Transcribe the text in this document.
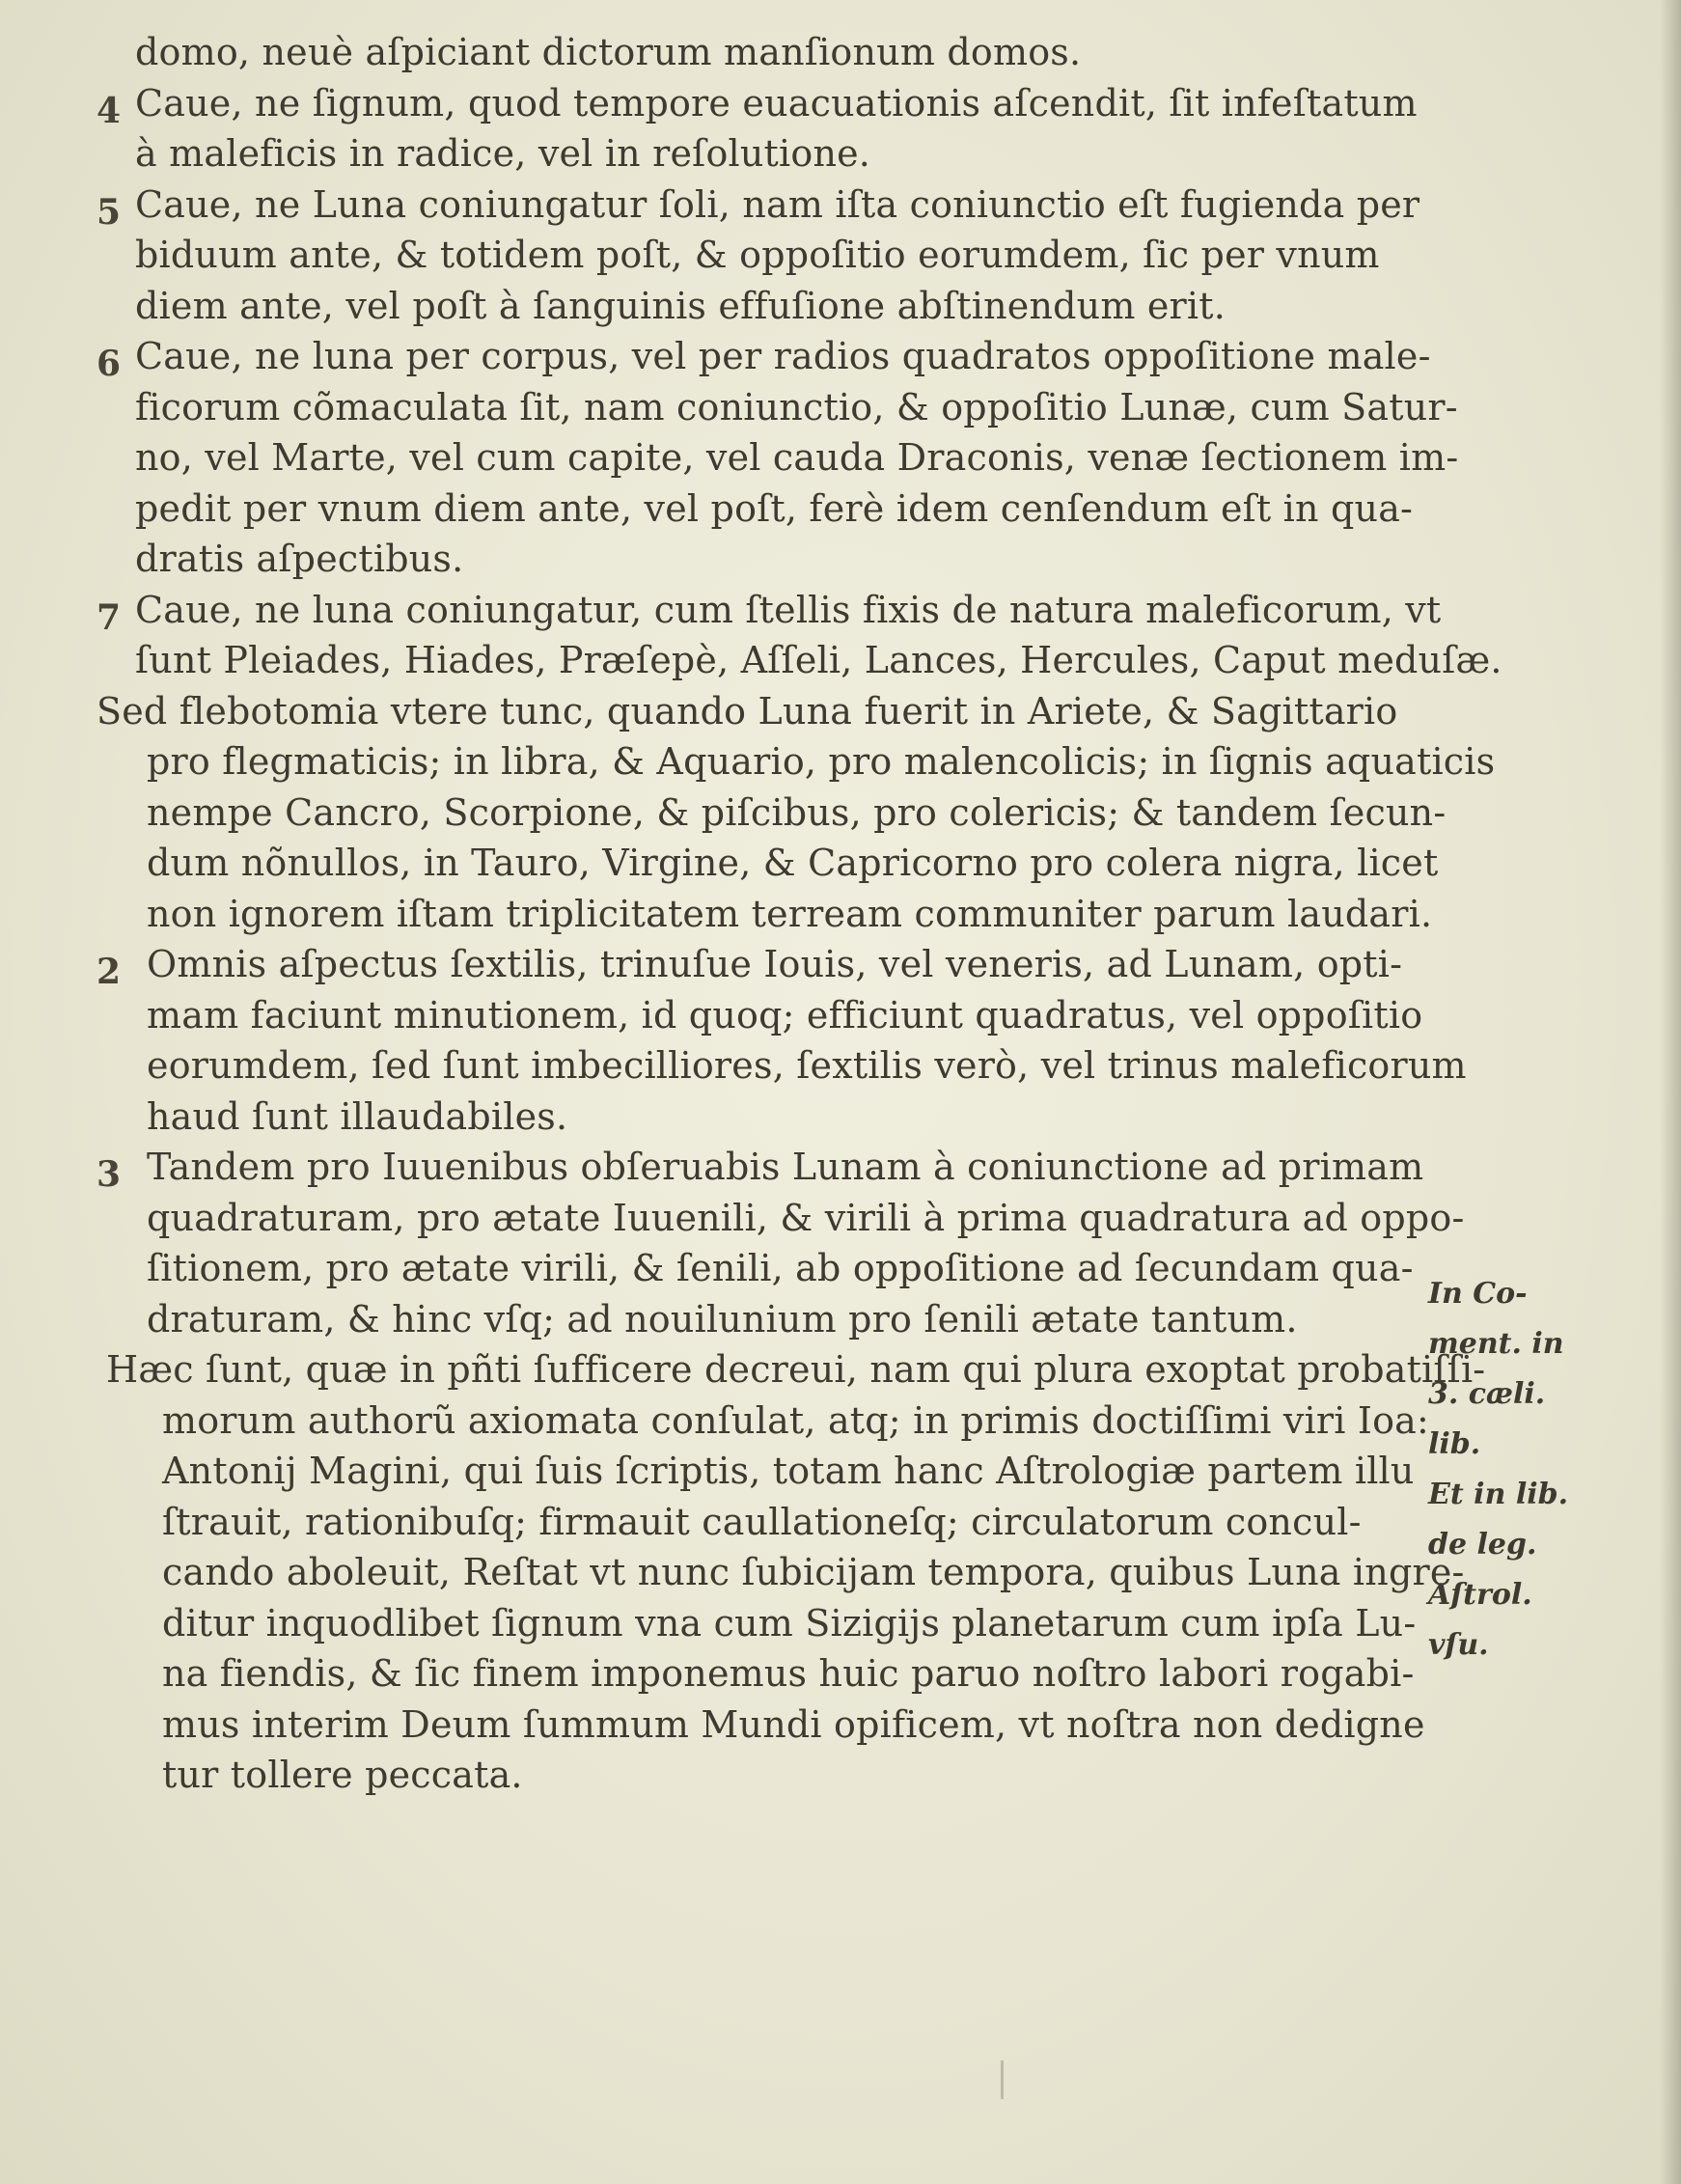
domo, neuè aſpiciant dictorum manſionum domos.
4 Caue, ne ſignum, quod tempore euacuationis aſcendit, ſit infeſtatum
à maleficis in radice, vel in reſolutione.
5 Caue, ne Luna coniungatur ſoli, nam iſta coniunctio eſt fugienda per
biduum ante, & totidem poſt, & oppoſitio eorumdem, ſic per vnum
diem ante, vel poſt à ſanguinis effuſione abſtinendum erit.
6 Caue, ne luna per corpus, vel per radios quadratos oppoſitione male-
ficorum cõmaculata ſit, nam coniunctio, & oppoſitio Lunæ, cum Satur-
no, vel Marte, vel cum capite, vel cauda Draconis, venæ ſectionem im-
pedit per vnum diem ante, vel poſt, ferè idem cenſendum eſt in qua-
dratis aſpectibus.
7 Caue, ne luna coniungatur, cum ſtellis fixis de natura maleficorum, vt
ſunt Pleiades, Hiades, Præſepè, Aſſeli, Lances, Hercules, Caput meduſæ.
Sed flebotomia vtere tunc, quando Luna fuerit in Ariete, & Sagittario
pro flegmaticis; in libra, & Aquario, pro malencolicis; in ſignis aquaticis
nempe Cancro, Scorpione, & piſcibus, pro colericis; & tandem ſecun-
dum nõnullos, in Tauro, Virgine, & Capricorno pro colera nigra, licet
non ignorem iſtam triplicitatem terream communiter parum laudari.
2 Omnis aſpectus ſextilis, trinuſue Iouis, vel veneris, ad Lunam, opti-
mam faciunt minutionem, id quoq; efficiunt quadratus, vel oppoſitio
eorumdem, ſed ſunt imbecilliores, ſextilis verò, vel trinus maleficorum
haud ſunt illaudabiles.
3 Tandem pro Iuuenibus obſeruabis Lunam à coniunctione ad primam
quadraturam, pro ætate Iuuenili, & virili à prima quadratura ad oppo-
ſitionem, pro ætate virili, & ſenili, ab oppoſitione ad ſecundam qua-
draturam, & hinc vſq; ad nouilunium pro ſenili ætate tantum.
Hæc ſunt, quæ in pñti ſufficere decreui, nam qui plura exoptat probatiſſi-
morum authorũ axiomata conſulat, atq; in primis doctiſſimi viri Ioa:
Antonij Magini, qui ſuis ſcriptis, totam hanc Aſtrologiæ partem illu
ſtrauit, rationibuſq; firmauit caullationeſq; circulatorum concul-
cando aboleuit, Reſtat vt nunc ſubicijam tempora, quibus Luna ingre-
ditur inquodlibet ſignum vna cum Sizigijs planetarum cum ipſa Lu-
na fiendis, & ſic finem imponemus huic paruo noſtro labori rogabi-
mus interim Deum ſummum Mundi opificem, vt noſtra non dedigne
tur tollere peccata.
In Co-
ment. in
3. cæli.
lib.
Et in lib.
de leg.
Aſtrol.
vſu.
